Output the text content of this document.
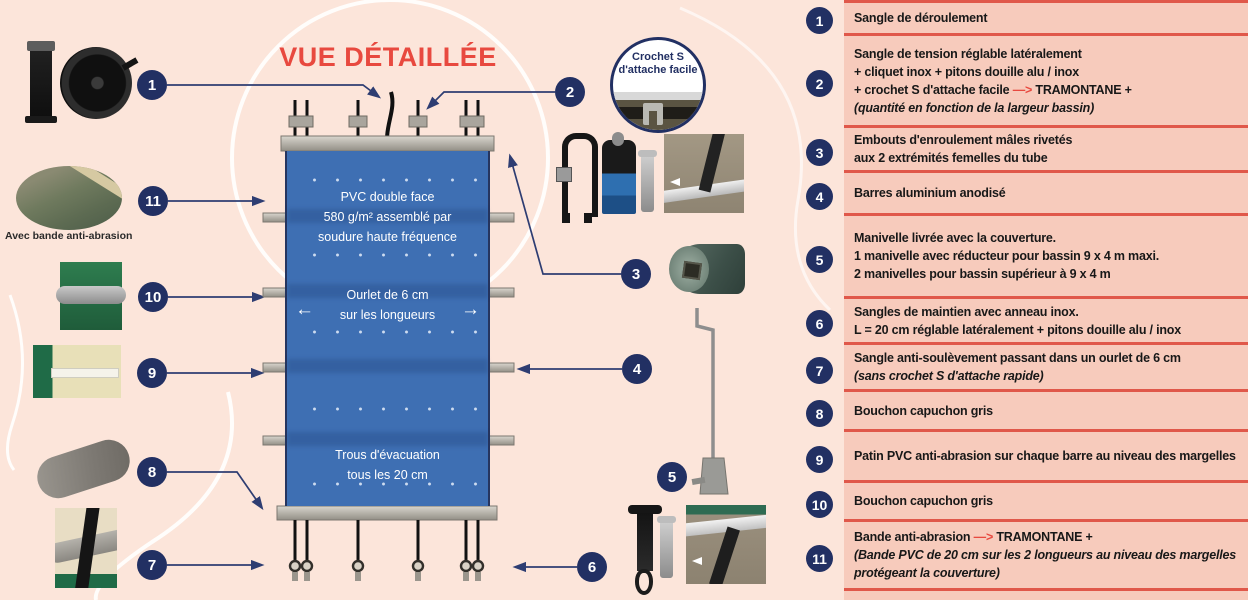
VUE DÉTAILLÉE
PVC double face
580 g/m² assemblé par
soudure haute fréquence
Ourlet de 6 cm
sur les longueurs
←	→
Trous d'évacuation
tous les 20 cm
Crochet S
d'attache facile
Avec bande anti-abrasion
1	2
3
4
5
6
7
8
9
10
11
1
2
3
4
5
6
7
8
9
10
11
Sangle de déroulement
Sangle de tension réglable latéralement
+ cliquet inox + pitons douille alu / inox
+ crochet S d'attache facile —> TRAMONTANE +
(quantité en fonction de la largeur bassin)
Embouts d'enroulement mâles rivetés
aux 2 extrémités femelles du tube
Barres aluminium anodisé
Manivelle livrée avec la couverture.
1 manivelle avec réducteur pour bassin 9 x 4 m maxi.
2 manivelles pour bassin supérieur à 9 x 4 m
Sangles de maintien avec anneau inox.
L = 20 cm réglable latéralement + pitons douille alu / inox
Sangle anti-soulèvement passant dans un ourlet de 6 cm
(sans crochet S d'attache rapide)
Bouchon capuchon gris
Patin PVC anti-abrasion sur chaque barre au niveau des margelles
Bouchon capuchon gris
Bande anti-abrasion —> TRAMONTANE +
(Bande PVC de 20 cm sur les 2 longueurs au niveau des margelles protégeant la couverture)
